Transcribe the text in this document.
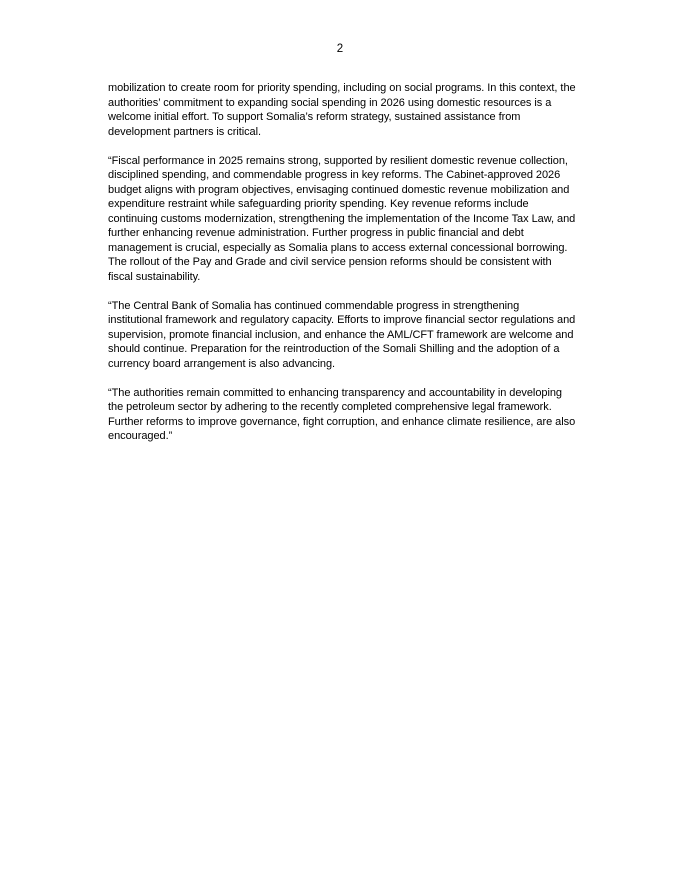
2

mobilization to create room for priority spending, including on social programs. In this context, the authorities’ commitment to expanding social spending in 2026 using domestic resources is a welcome initial effort. To support Somalia’s reform strategy, sustained assistance from development partners is critical.

“Fiscal performance in 2025 remains strong, supported by resilient domestic revenue collection, disciplined spending, and commendable progress in key reforms. The Cabinet-approved 2026 budget aligns with program objectives, envisaging continued domestic revenue mobilization and expenditure restraint while safeguarding priority spending. Key revenue reforms include continuing customs modernization, strengthening the implementation of the Income Tax Law, and further enhancing revenue administration. Further progress in public financial and debt management is crucial, especially as Somalia plans to access external concessional borrowing. The rollout of the Pay and Grade and civil service pension reforms should be consistent with fiscal sustainability.

“The Central Bank of Somalia has continued commendable progress in strengthening institutional framework and regulatory capacity. Efforts to improve financial sector regulations and supervision, promote financial inclusion, and enhance the AML/CFT framework are welcome and should continue. Preparation for the reintroduction of the Somali Shilling and the adoption of a currency board arrangement is also advancing.

“The authorities remain committed to enhancing transparency and accountability in developing the petroleum sector by adhering to the recently completed comprehensive legal framework. Further reforms to improve governance, fight corruption, and enhance climate resilience, are also encouraged.”
